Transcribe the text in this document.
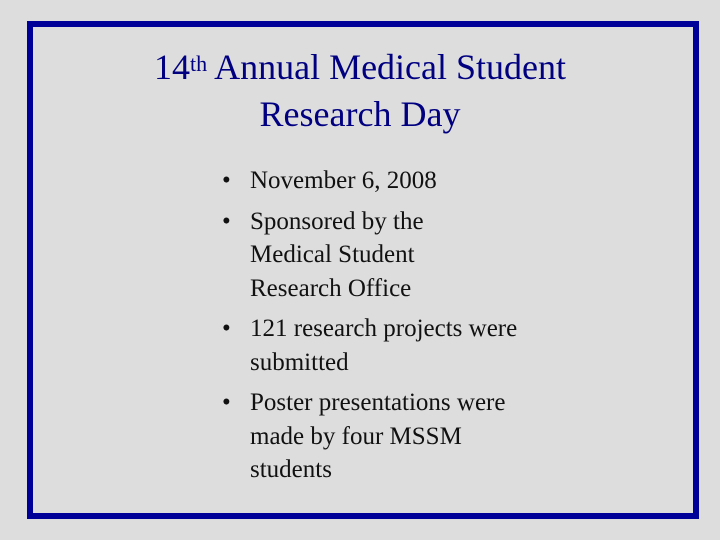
14th Annual Medical Student
Research Day
• November 6, 2008
• Sponsored by the Medical Student Research Office
• 121 research projects were submitted
• Poster presentations were made by four MSSM students
